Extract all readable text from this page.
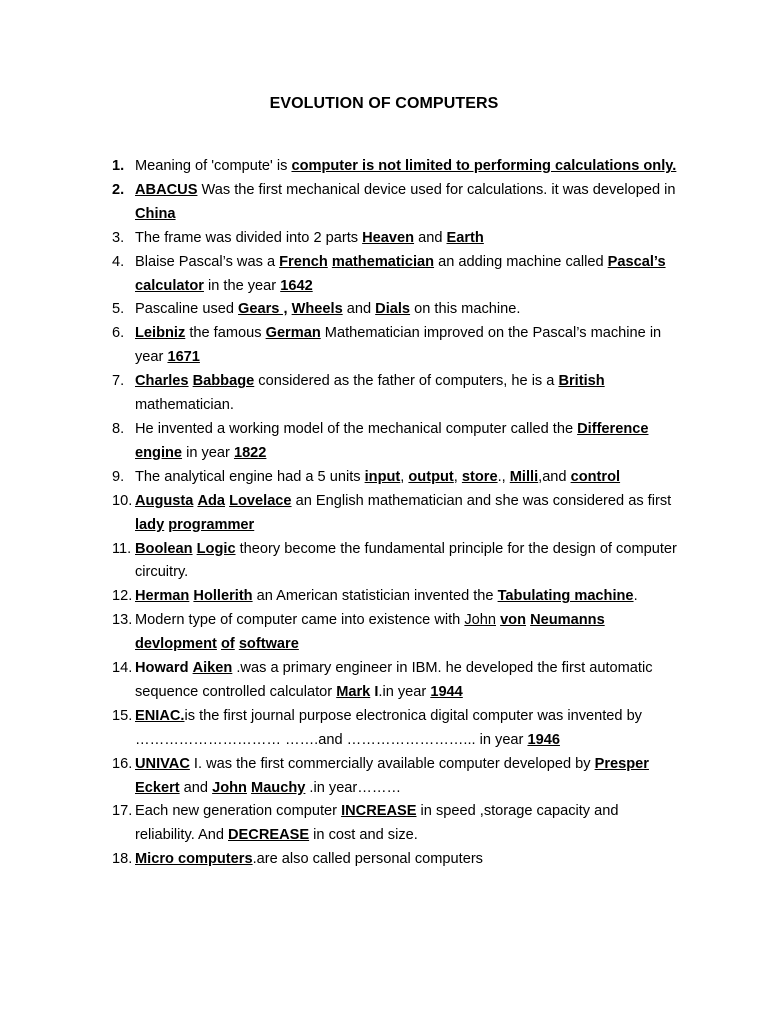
EVOLUTION OF COMPUTERS
1. Meaning of 'compute' is computer is not limited to performing calculations only.
2. ABACUS Was the first mechanical device used for calculations. it was developed in China
3. The frame was divided into 2 parts Heaven and Earth
4. Blaise Pascal’s was a French mathematician an adding machine called Pascal’s calculator in the year 1642
5. Pascaline used Gears , Wheels and Dials on this machine.
6. Leibniz the famous German Mathematician improved on the Pascal’s machine in year 1671
7. Charles Babbage considered as the father of computers, he is a British mathematician.
8. He invented a working model of the mechanical computer called the Difference engine in year 1822
9. The analytical engine had a 5 units input, output, store., Milli,and control
10. Augusta Ada Lovelace an English mathematician and she was considered as first lady programmer
11. Boolean Logic theory become the fundamental principle for the design of computer circuitry.
12. Herman Hollerith an American statistician invented the Tabulating machine.
13. Modern type of computer came into existence with John von Neumanns devlopment of software
14. Howard Aiken .was a primary engineer in IBM. he developed the first automatic sequence controlled calculator Mark I.in year 1944
15. ENIAC.is the first journal purpose electronica digital computer was invented by ………………………… …….and ……………………... in year 1946
16. UNIVAC I. was the first commercially available computer developed by Presper Eckert and John Mauchy .in year………
17. Each new generation computer INCREASE in speed ,storage capacity and reliability. And DECREASE in cost and size.
18. Micro computers.are also called personal computers
